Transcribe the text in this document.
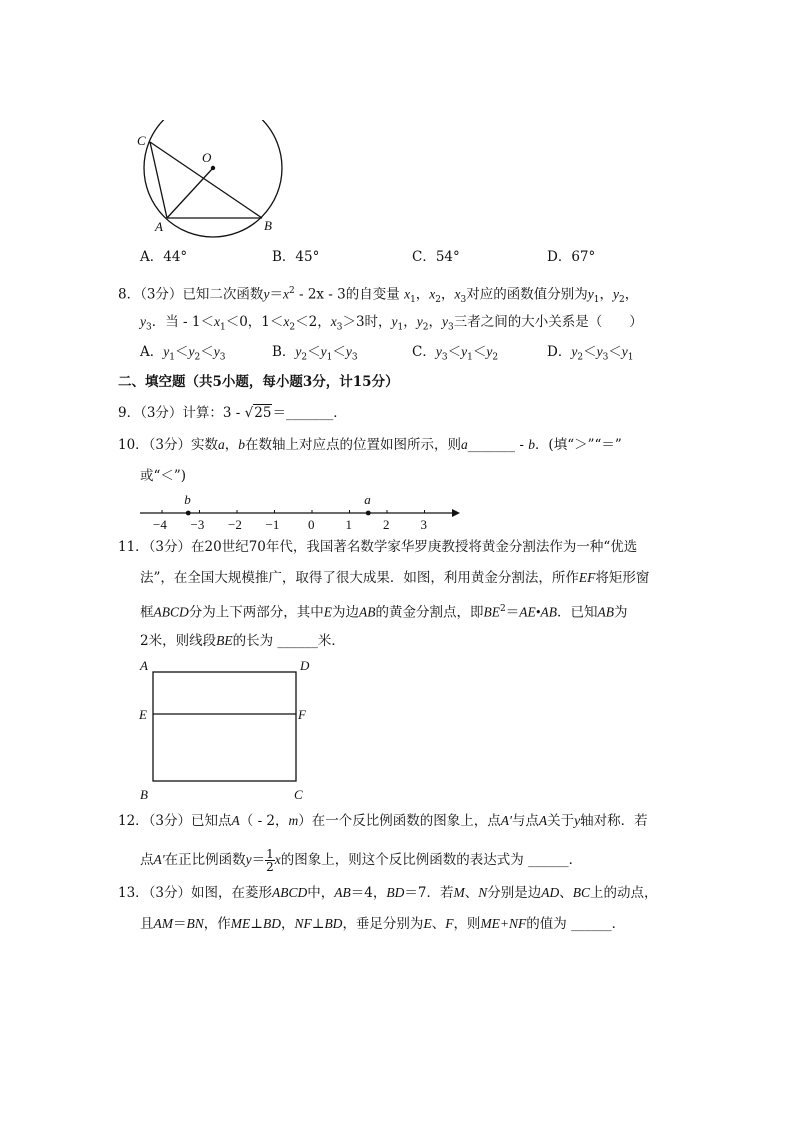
C
O
A	B
A．44°	B．45°	C．54°	D．67°
8．（3分）已知二次函数$y=x^2 - 2x - 3$的自变量 $x_1$，$x_2$，$x_3$对应的函数值分别为$y_1$，$y_2$，
$y_3$．当 - $1<x_1<0$，$1<x_2<2$，$x_3>3$时，$y_1$，$y_2$，$y_3$三者之间的大小关系是（　　）
A．$y_1<y_2<y_3$	B．$y_2<y_1<y_3$	C．$y_3<y_1<y_2$	D．$y_2<y_3<y_1$
二、填空题（共5小题，每小题3分，计15分）
9．（3分）计算：3 - √25＝_______．
10．（3分）实数a，b在数轴上对应点的位置如图所示，则a_______ - b．(填“＞”“＝”
或“＜”)
−4 −3 −2 −1 0 1 2 3
b	a
11．（3分）在20世纪70年代，我国著名数学家华罗庚教授将黄金分割法作为一种“优选
法”，在全国大规模推广，取得了很大成果．如图，利用黄金分割法，所作EF将矩形窗
框ABCD分为上下两部分，其中E为边AB的黄金分割点，即$BE^2=AE•AB$．已知AB为
2米，则线段BE的长为 ______米．
A	D
E	F
B	C
12．（3分）已知点A（ - 2，m）在一个反比例函数的图象上，点A'与点A关于y轴对称．若
点A'在正比例函数$y= \frac{1}{2}$ x的图象上，则这个反比例函数的表达式为 ______．
13．（3分）如图，在菱形ABCD中，AB＝4，BD＝7．若M、N分别是边AD、BC上的动点，
且AM＝BN，作ME⊥BD，NF⊥BD，垂足分别为E、F，则ME+NF的值为 ______．
